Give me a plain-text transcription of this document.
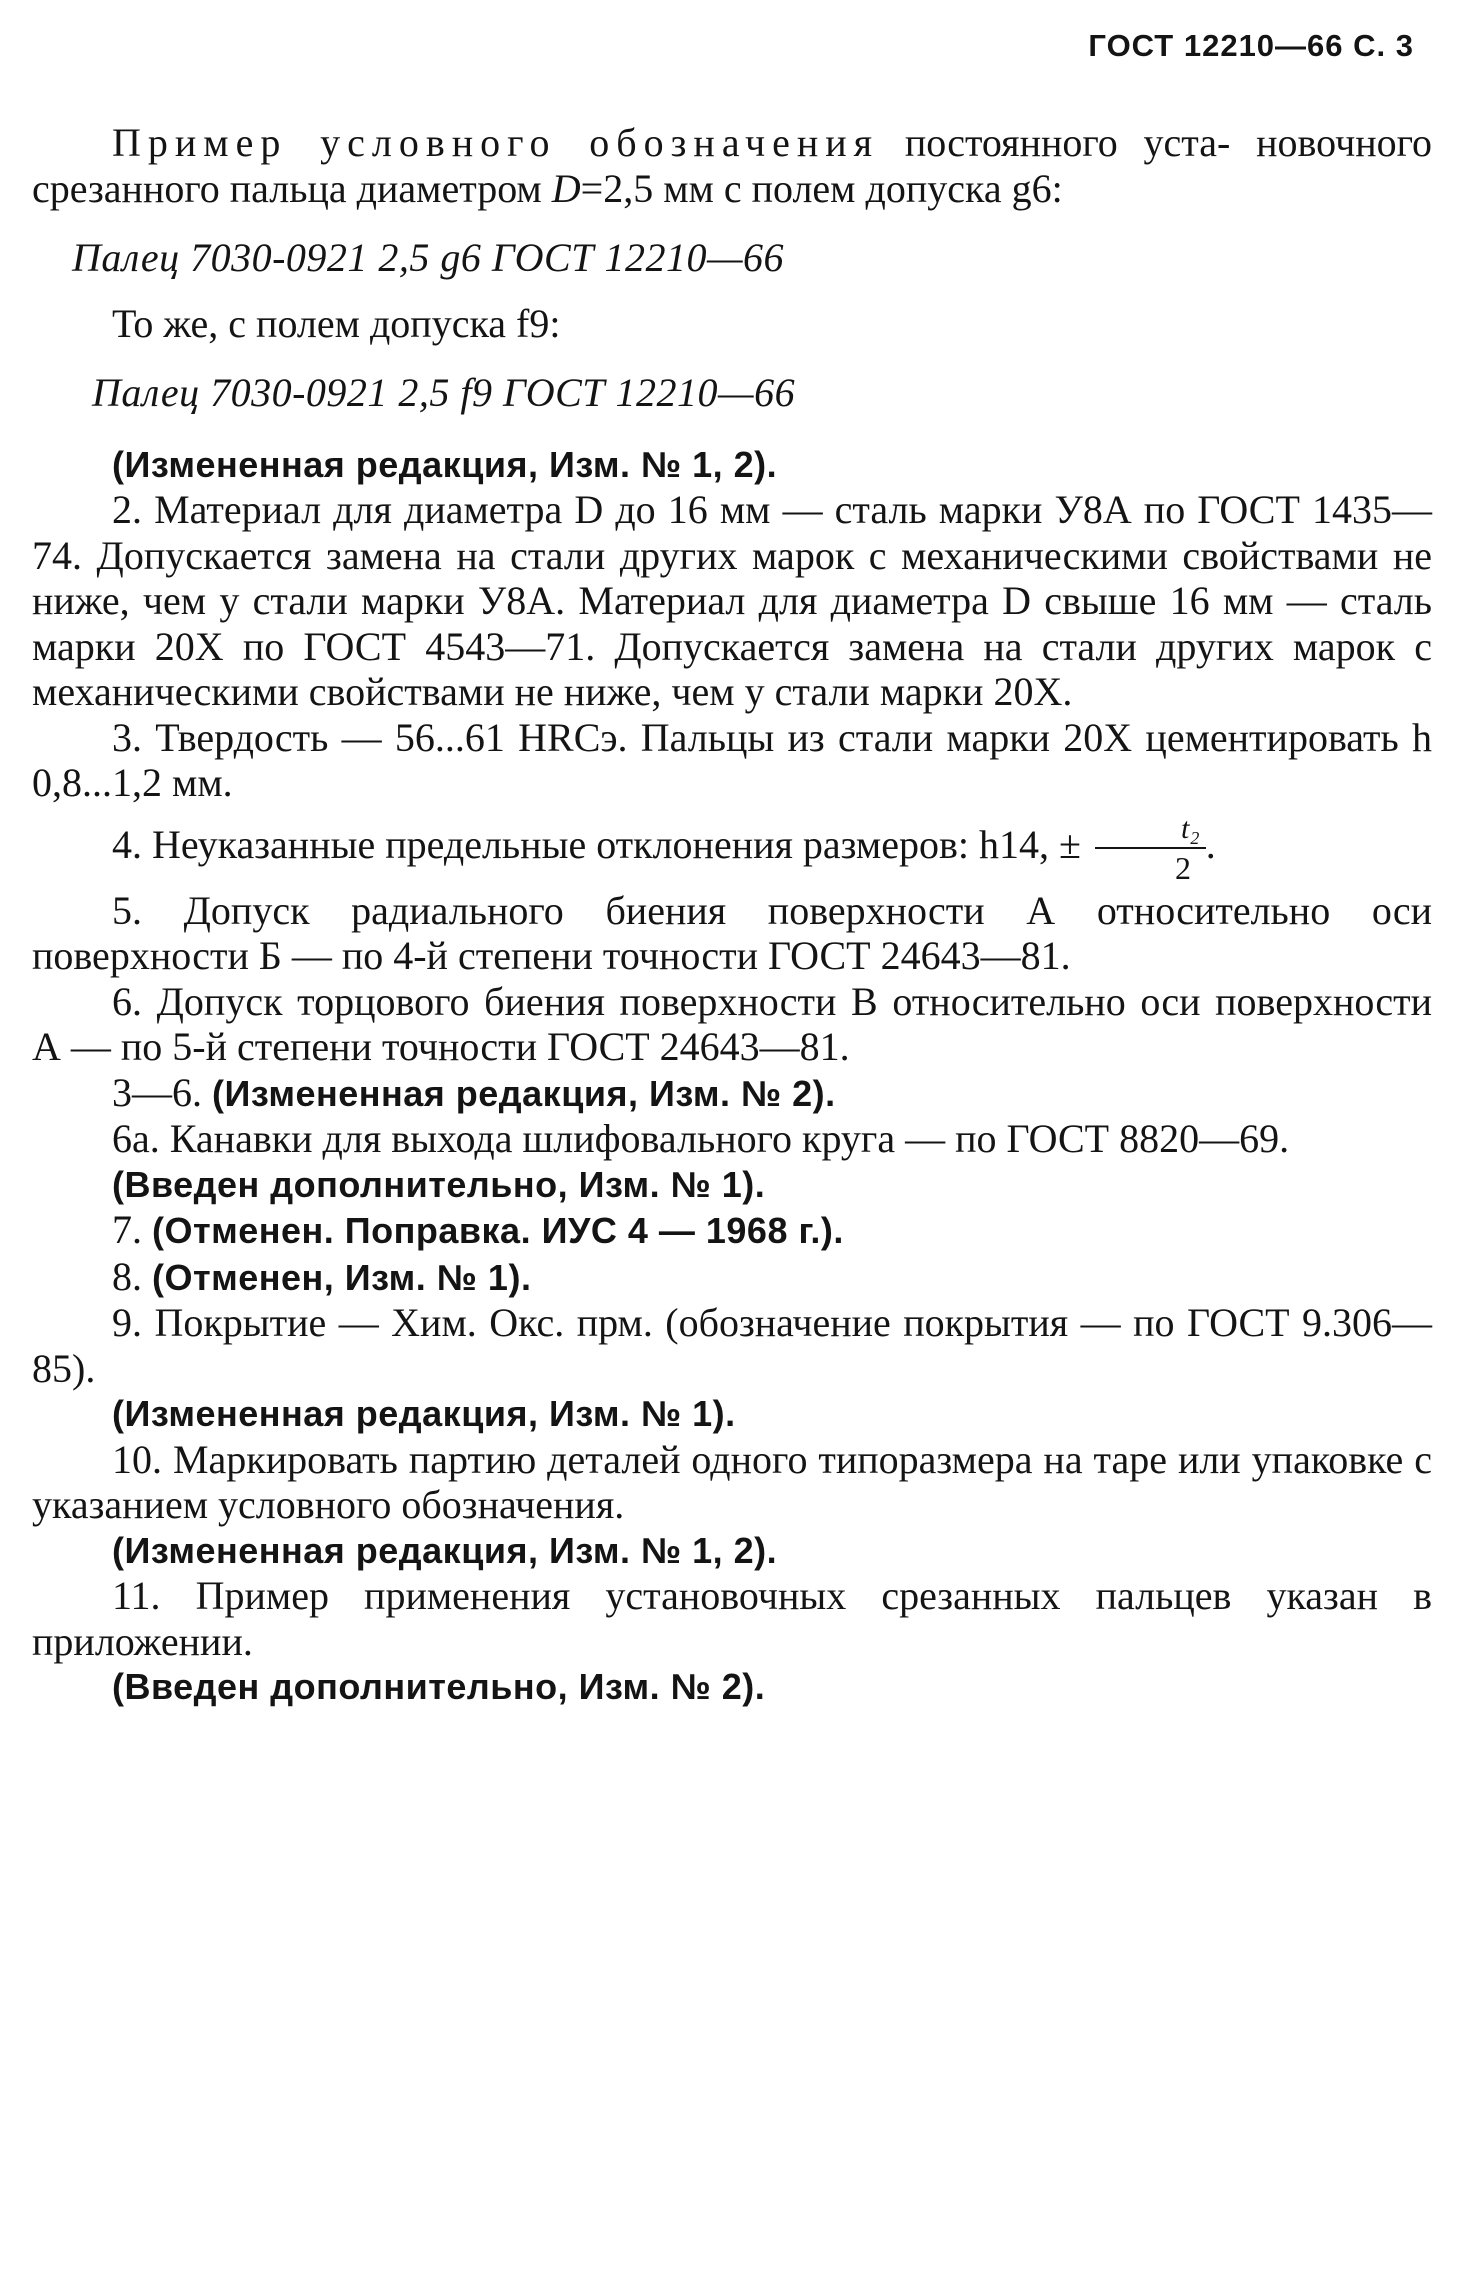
ГОСТ 12210—66 С. 3

Пример условного обозначения постоянного уста- новочного срезанного пальца диаметром D=2,5 мм с полем допуска g6:

Палец 7030-0921 2,5 g6 ГОСТ 12210—66

То же, с полем допуска f9:

Палец 7030-0921 2,5 f9 ГОСТ 12210—66

(Измененная редакция, Изм. № 1, 2).

2. Материал для диаметра D до 16 мм — сталь марки У8А по ГОСТ 1435—74. Допускается замена на стали других марок с механическими свойствами не ниже, чем у стали марки У8А. Материал для диаметра D свыше 16 мм — сталь марки 20Х по ГОСТ 4543—71. Допускается замена на стали других марок с механическими свойствами не ниже, чем у стали марки 20Х.

3. Твердость — 56...61 HRCэ. Пальцы из стали марки 20Х цементировать h 0,8...1,2 мм.

4. Неуказанные предельные отклонения размеров: h14, ± $\frac{\text{t₂}}{2}$ .

5. Допуск радиального биения поверхности А относительно оси поверхности Б — по 4-й степени точности ГОСТ 24643—81.

6. Допуск торцового биения поверхности В относительно оси поверхности А — по 5-й степени точности ГОСТ 24643—81.

3—6. (Измененная редакция, Изм. № 2).

6а. Канавки для выхода шлифовального круга — по ГОСТ 8820—69.

(Введен дополнительно, Изм. № 1).

7. (Отменен. Поправка. ИУС 4 — 1968 г.).

8. (Отменен, Изм. № 1).

9. Покрытие — Хим. Окс. прм. (обозначение покрытия — по ГОСТ 9.306—85).

(Измененная редакция, Изм. № 1).

10. Маркировать партию деталей одного типоразмера на таре или упаковке с указанием условного обозначения.

(Измененная редакция, Изм. № 1, 2).

11. Пример применения установочных срезанных пальцев указан в приложении.

(Введен дополнительно, Изм. № 2).
